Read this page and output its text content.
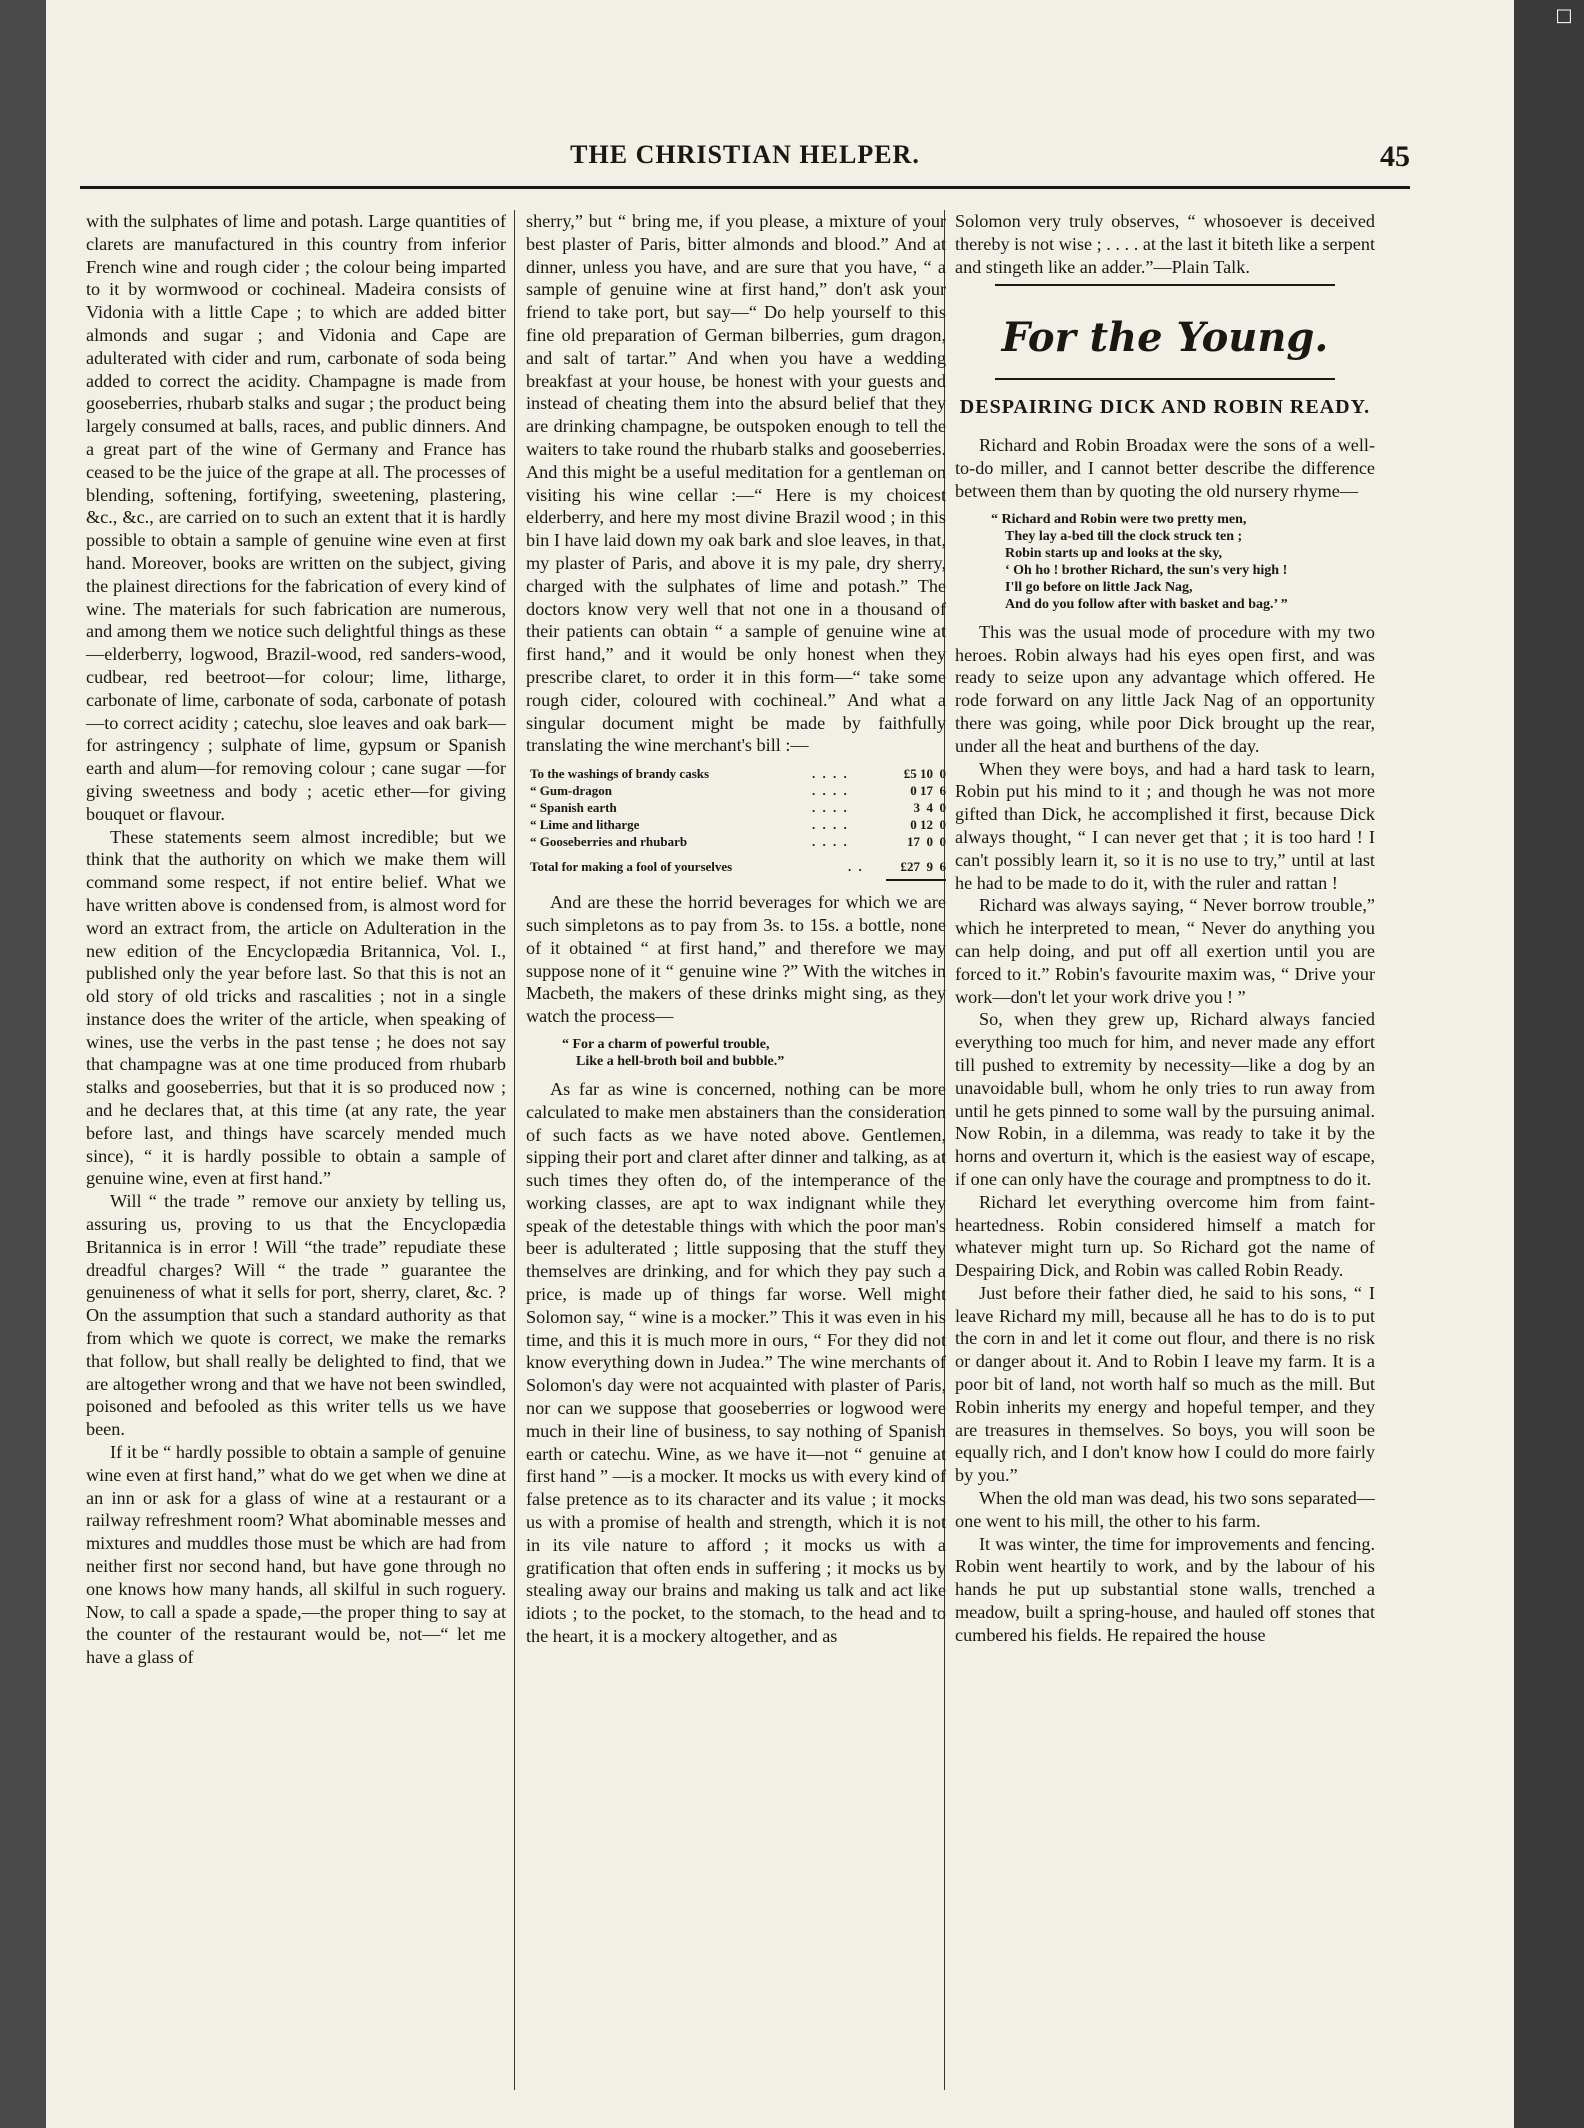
□
THE CHRISTIAN HELPER.	45

with the sulphates of lime and potash. Large quantities of clarets are manufactured in this country from inferior French wine and rough cider ; the colour being imparted to it by wormwood or cochineal. Madeira consists of Vidonia with a little Cape ; to which are added bitter almonds and sugar ; and Vidonia and Cape are adulterated with cider and rum, carbonate of soda being added to correct the acidity. Champagne is made from gooseberries, rhubarb stalks and sugar ; the product being largely consumed at balls, races, and public dinners. And a great part of the wine of Germany and France has ceased to be the juice of the grape at all. The processes of blending, softening, fortifying, sweetening, plastering, &c., &c., are carried on to such an extent that it is hardly possible to obtain a sample of genuine wine even at first hand. Moreover, books are written on the subject, giving the plainest directions for the fabrication of every kind of wine. The materials for such fabrication are numerous, and among them we notice such delightful things as these—elderberry, logwood, Brazil-wood, red sanders-wood, cudbear, red beetroot—for colour; lime, litharge, carbonate of lime, carbonate of soda, carbonate of potash—to correct acidity ; catechu, sloe leaves and oak bark—for astringency ; sulphate of lime, gypsum or Spanish earth and alum—for removing colour ; cane sugar —for giving sweetness and body ; acetic ether—for giving bouquet or flavour.

These statements seem almost incredible; but we think that the authority on which we make them will command some respect, if not entire belief. What we have written above is condensed from, is almost word for word an extract from, the article on Adulteration in the new edition of the Encyclopædia Britannica, Vol. I., published only the year before last. So that this is not an old story of old tricks and rascalities ; not in a single instance does the writer of the article, when speaking of wines, use the verbs in the past tense ; he does not say that champagne was at one time produced from rhubarb stalks and gooseberries, but that it is so produced now ; and he declares that, at this time (at any rate, the year before last, and things have scarcely mended much since), “ it is hardly possible to obtain a sample of genuine wine, even at first hand.”

Will “ the trade ” remove our anxiety by telling us, assuring us, proving to us that the Encyclopædia Britannica is in error ! Will “the trade” repudiate these dreadful charges? Will “ the trade ” guarantee the genuineness of what it sells for port, sherry, claret, &c. ? On the assumption that such a standard authority as that from which we quote is correct, we make the remarks that follow, but shall really be delighted to find, that we are altogether wrong and that we have not been swindled, poisoned and befooled as this writer tells us we have been.

If it be “ hardly possible to obtain a sample of genuine wine even at first hand,” what do we get when we dine at an inn or ask for a glass of wine at a restaurant or a railway refreshment room? What abominable messes and mixtures and muddles those must be which are had from neither first nor second hand, but have gone through no one knows how many hands, all skilful in such roguery. Now, to call a spade a spade,—the proper thing to say at the counter of the restaurant would be, not—“ let me have a glass of

sherry,” but “ bring me, if you please, a mixture of your best plaster of Paris, bitter almonds and blood.” And at dinner, unless you have, and are sure that you have, “ a sample of genuine wine at first hand,” don't ask your friend to take port, but say—“ Do help yourself to this fine old preparation of German bilberries, gum dragon, and salt of tartar.” And when you have a wedding breakfast at your house, be honest with your guests and instead of cheating them into the absurd belief that they are drinking champagne, be outspoken enough to tell the waiters to take round the rhubarb stalks and gooseberries. And this might be a useful meditation for a gentleman on visiting his wine cellar :—“ Here is my choicest elderberry, and here my most divine Brazil wood ; in this bin I have laid down my oak bark and sloe leaves, in that, my plaster of Paris, and above it is my pale, dry sherry, charged with the sulphates of lime and potash.” The doctors know very well that not one in a thousand of their patients can obtain “ a sample of genuine wine at first hand,” and it would be only honest when they prescribe claret, to order it in this form—“ take some rough cider, coloured with cochineal.” And what a singular document might be made by faithfully translating the wine merchant's bill :—

To the washings of brandy casks	. . . .	£5 10  0
“ Gum-dragon	. . . .	0 17  6
“ Spanish earth	. . . .	3  4  0
“ Lime and litharge	. . . .	0 12  0
“ Gooseberries and rhubarb	. . . .	17  0  0
Total for making a fool of yourselves	. .	£27  9  6

And are these the horrid beverages for which we are such simpletons as to pay from 3s. to 15s. a bottle, none of it obtained “ at first hand,” and therefore we may suppose none of it “ genuine wine ?” With the witches in Macbeth, the makers of these drinks might sing, as they watch the process—

“ For a charm of powerful trouble,
Like a hell-broth boil and bubble.”

As far as wine is concerned, nothing can be more calculated to make men abstainers than the consideration of such facts as we have noted above. Gentlemen, sipping their port and claret after dinner and talking, as at such times they often do, of the intemperance of the working classes, are apt to wax indignant while they speak of the detestable things with which the poor man's beer is adulterated ; little supposing that the stuff they themselves are drinking, and for which they pay such a price, is made up of things far worse. Well might Solomon say, “ wine is a mocker.” This it was even in his time, and this it is much more in ours, “ For they did not know everything down in Judea.” The wine merchants of Solomon's day were not acquainted with plaster of Paris, nor can we suppose that gooseberries or logwood were much in their line of business, to say nothing of Spanish earth or catechu. Wine, as we have it—not “ genuine at first hand ” —is a mocker. It mocks us with every kind of false pretence as to its character and its value ; it mocks us with a promise of health and strength, which it is not in its vile nature to afford ; it mocks us with a gratification that often ends in suffering ; it mocks us by stealing away our brains and making us talk and act like idiots ; to the pocket, to the stomach, to the head and to the heart, it is a mockery altogether, and as

Solomon very truly observes, “ whosoever is deceived thereby is not wise ; . . . . at the last it biteth like a serpent and stingeth like an adder.”—Plain Talk.

For the Young.
DESPAIRING DICK AND ROBIN READY.

Richard and Robin Broadax were the sons of a well-to-do miller, and I cannot better describe the difference between them than by quoting the old nursery rhyme—

“ Richard and Robin were two pretty men,
They lay a-bed till the clock struck ten ;
Robin starts up and looks at the sky,
‘ Oh ho ! brother Richard, the sun's very high !
I'll go before on little Jack Nag,
And do you follow after with basket and bag.’ ”

This was the usual mode of procedure with my two heroes. Robin always had his eyes open first, and was ready to seize upon any advantage which offered. He rode forward on any little Jack Nag of an opportunity there was going, while poor Dick brought up the rear, under all the heat and burthens of the day.

When they were boys, and had a hard task to learn, Robin put his mind to it ; and though he was not more gifted than Dick, he accomplished it first, because Dick always thought, “ I can never get that ; it is too hard ! I can't possibly learn it, so it is no use to try,” until at last he had to be made to do it, with the ruler and rattan !

Richard was always saying, “ Never borrow trouble,” which he interpreted to mean, “ Never do anything you can help doing, and put off all exertion until you are forced to it.” Robin's favourite maxim was, “ Drive your work—don't let your work drive you ! ”

So, when they grew up, Richard always fancied everything too much for him, and never made any effort till pushed to extremity by necessity—like a dog by an unavoidable bull, whom he only tries to run away from until he gets pinned to some wall by the pursuing animal. Now Robin, in a dilemma, was ready to take it by the horns and overturn it, which is the easiest way of escape, if one can only have the courage and promptness to do it.

Richard let everything overcome him from faint-heartedness. Robin considered himself a match for whatever might turn up. So Richard got the name of Despairing Dick, and Robin was called Robin Ready.

Just before their father died, he said to his sons, “ I leave Richard my mill, because all he has to do is to put the corn in and let it come out flour, and there is no risk or danger about it. And to Robin I leave my farm. It is a poor bit of land, not worth half so much as the mill. But Robin inherits my energy and hopeful temper, and they are treasures in themselves. So boys, you will soon be equally rich, and I don't know how I could do more fairly by you.”

When the old man was dead, his two sons separated—one went to his mill, the other to his farm.

It was winter, the time for improvements and fencing. Robin went heartily to work, and by the labour of his hands he put up substantial stone walls, trenched a meadow, built a spring-house, and hauled off stones that cumbered his fields. He repaired the house
